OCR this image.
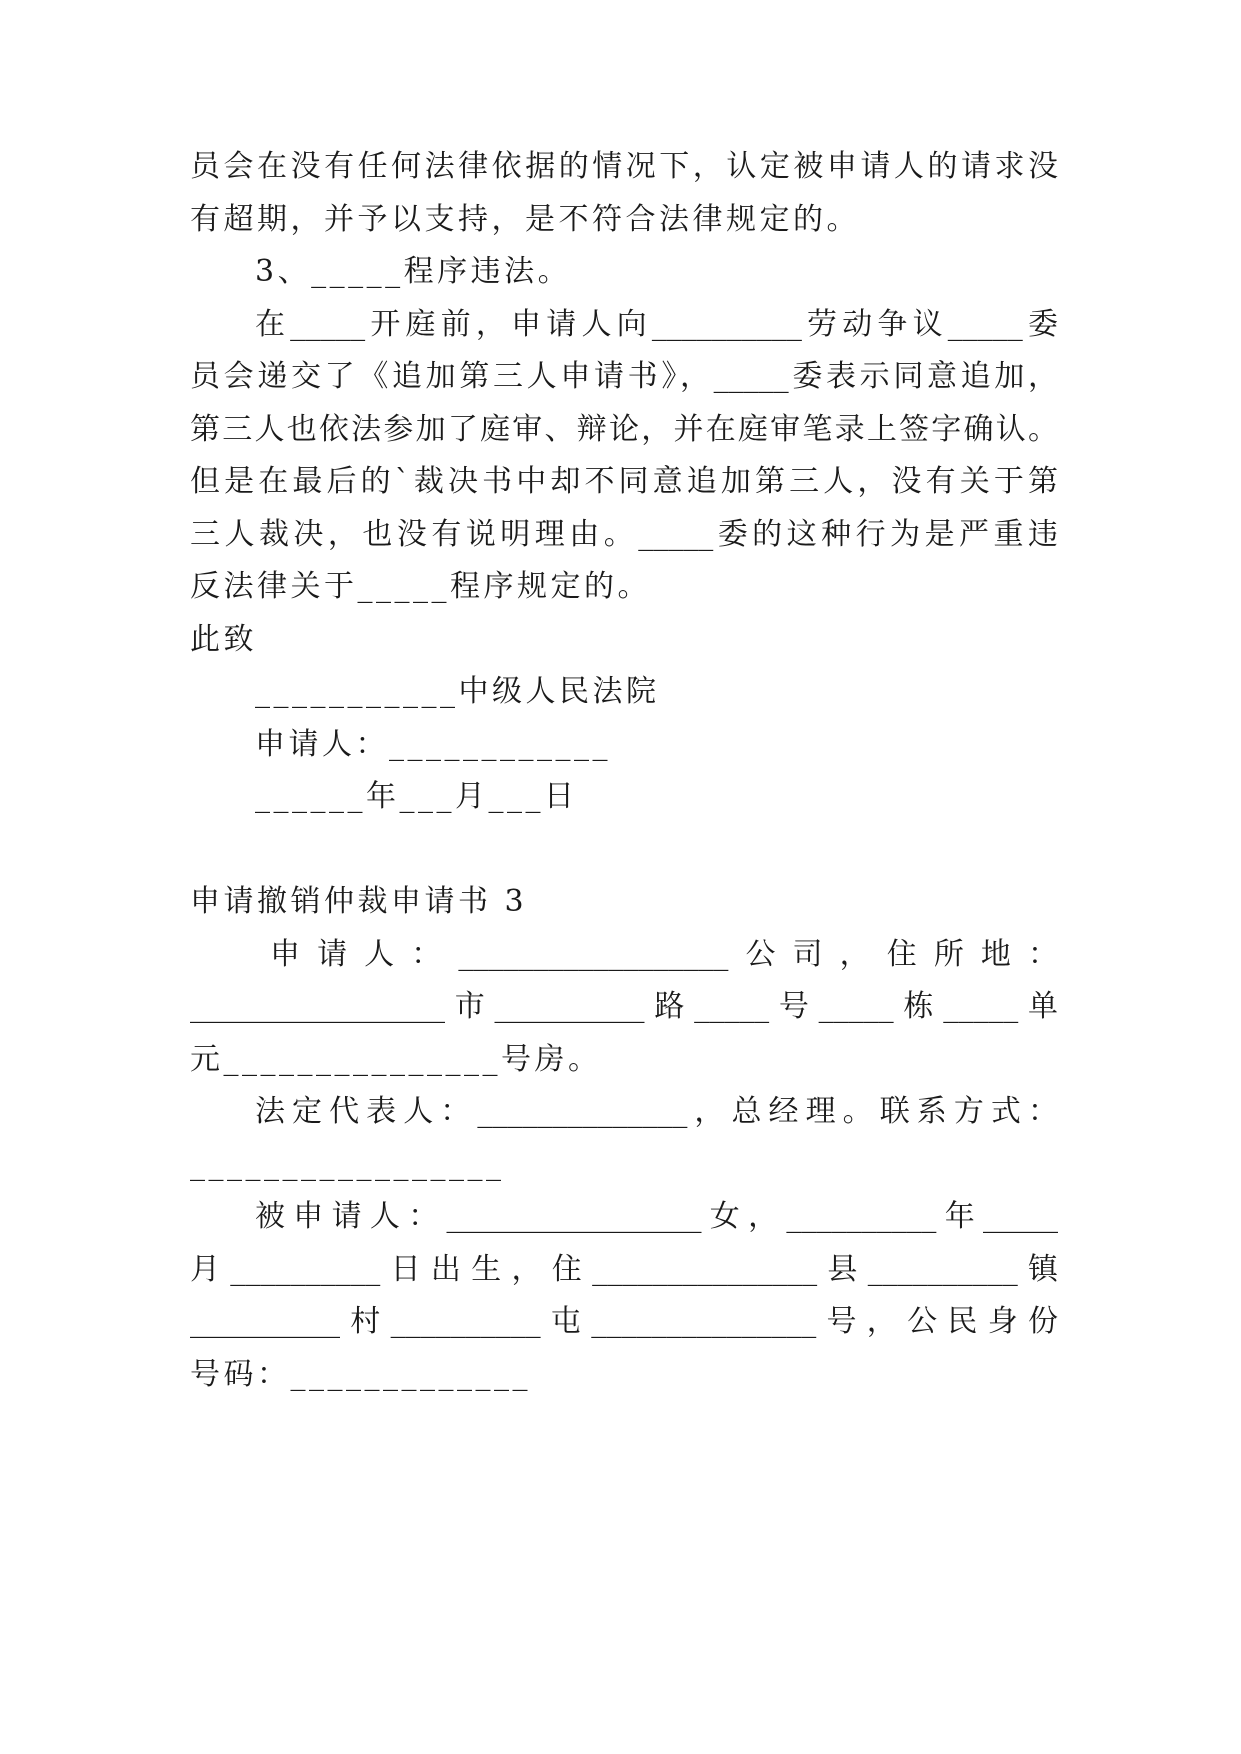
员会在没有任何法律依据的情况下，认定被申请人的请求没
有超期，并予以支持，是不符合法律规定的。
3、_____程序违法。
在_____开庭前，申请人向__________劳动争议_____委
员会递交了《追加第三人申请书》，_____委表示同意追加，
第三人也依法参加了庭审、辩论，并在庭审笔录上签字确认。
但是在最后的`裁决书中却不同意追加第三人，没有关于第
三人裁决，也没有说明理由。_____委的这种行为是严重违
反法律关于_____程序规定的。
此致
___________中级人民法院
申请人：____________
______年___月___日
申请撤销仲裁申请书 3
申请人：__________________公司，住所地：
_________________市__________路_____号_____栋_____单
元_______________号房。
法定代表人：______________，总经理。联系方式：
_________________
被申请人：_________________女，__________年_____
月__________日出生，住_______________县__________镇
__________村__________屯_______________号，公民身份
号码：_____________
